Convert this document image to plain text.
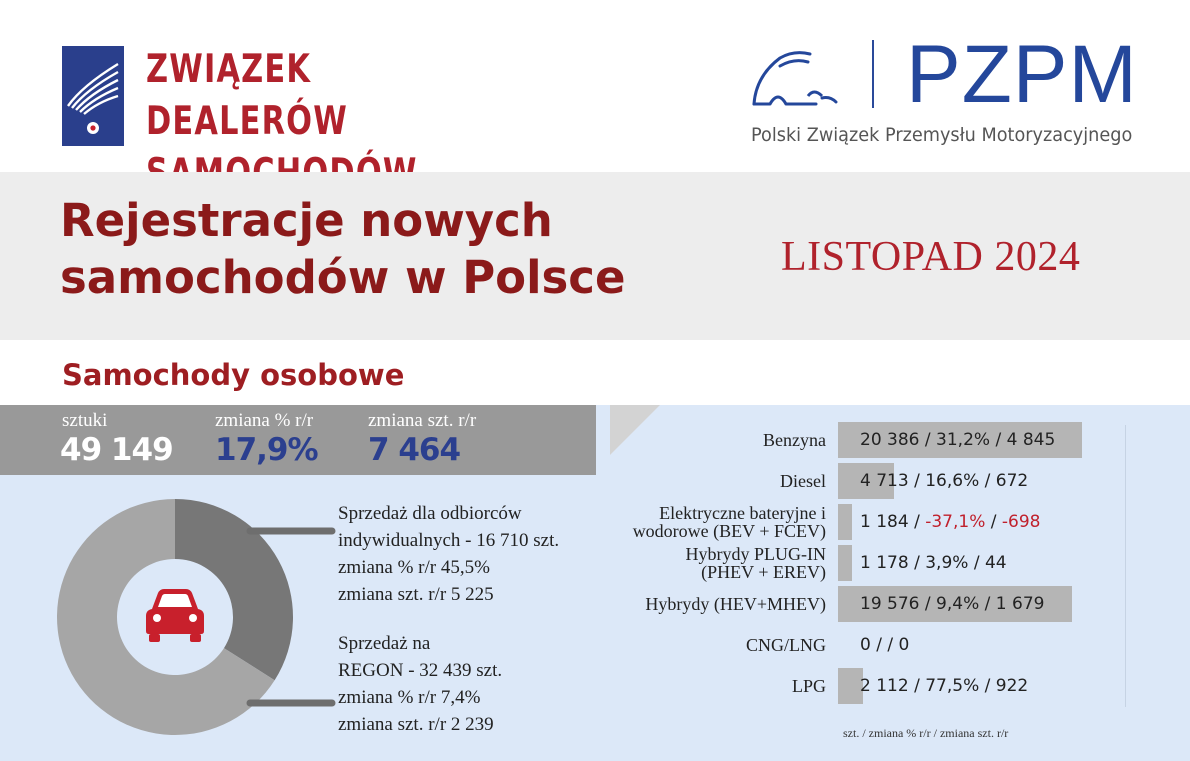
ZWIĄZEK DEALERÓW

PZPM
Polski Związek Przemysłu Motoryzacyjnego
Rejestracje nowych
samochodów w Polsce	LISTOPAD 2024
Samochody osobowe
sztuki
49 149
zmiana % r/r
17,9%
zmiana szt. r/r
7 464
Sprzedaż dla odbiorców
indywidualnych - 16 710 szt.
zmiana % r/r 45,5%
zmiana szt. r/r 5 225
Sprzedaż na
REGON - 32 439 szt.
zmiana % r/r 7,4%
zmiana szt. r/r 2 239
Benzyna 20 386 / 31,2% / 4 845
Diesel 4 713 / 16,6% / 672
Elektryczne bateryjne i
wodorowe (BEV + FCEV) 1 184 / -37,1% / -698
Hybrydy PLUG-IN
(PHEV + EREV) 1 178 / 3,9% / 44
Hybrydy (HEV+MHEV) 19 576 / 9,4% / 1 679
CNG/LNG 0 / / 0
LPG 2 112 / 77,5% / 922
szt. / zmiana % r/r / zmiana szt. r/r
